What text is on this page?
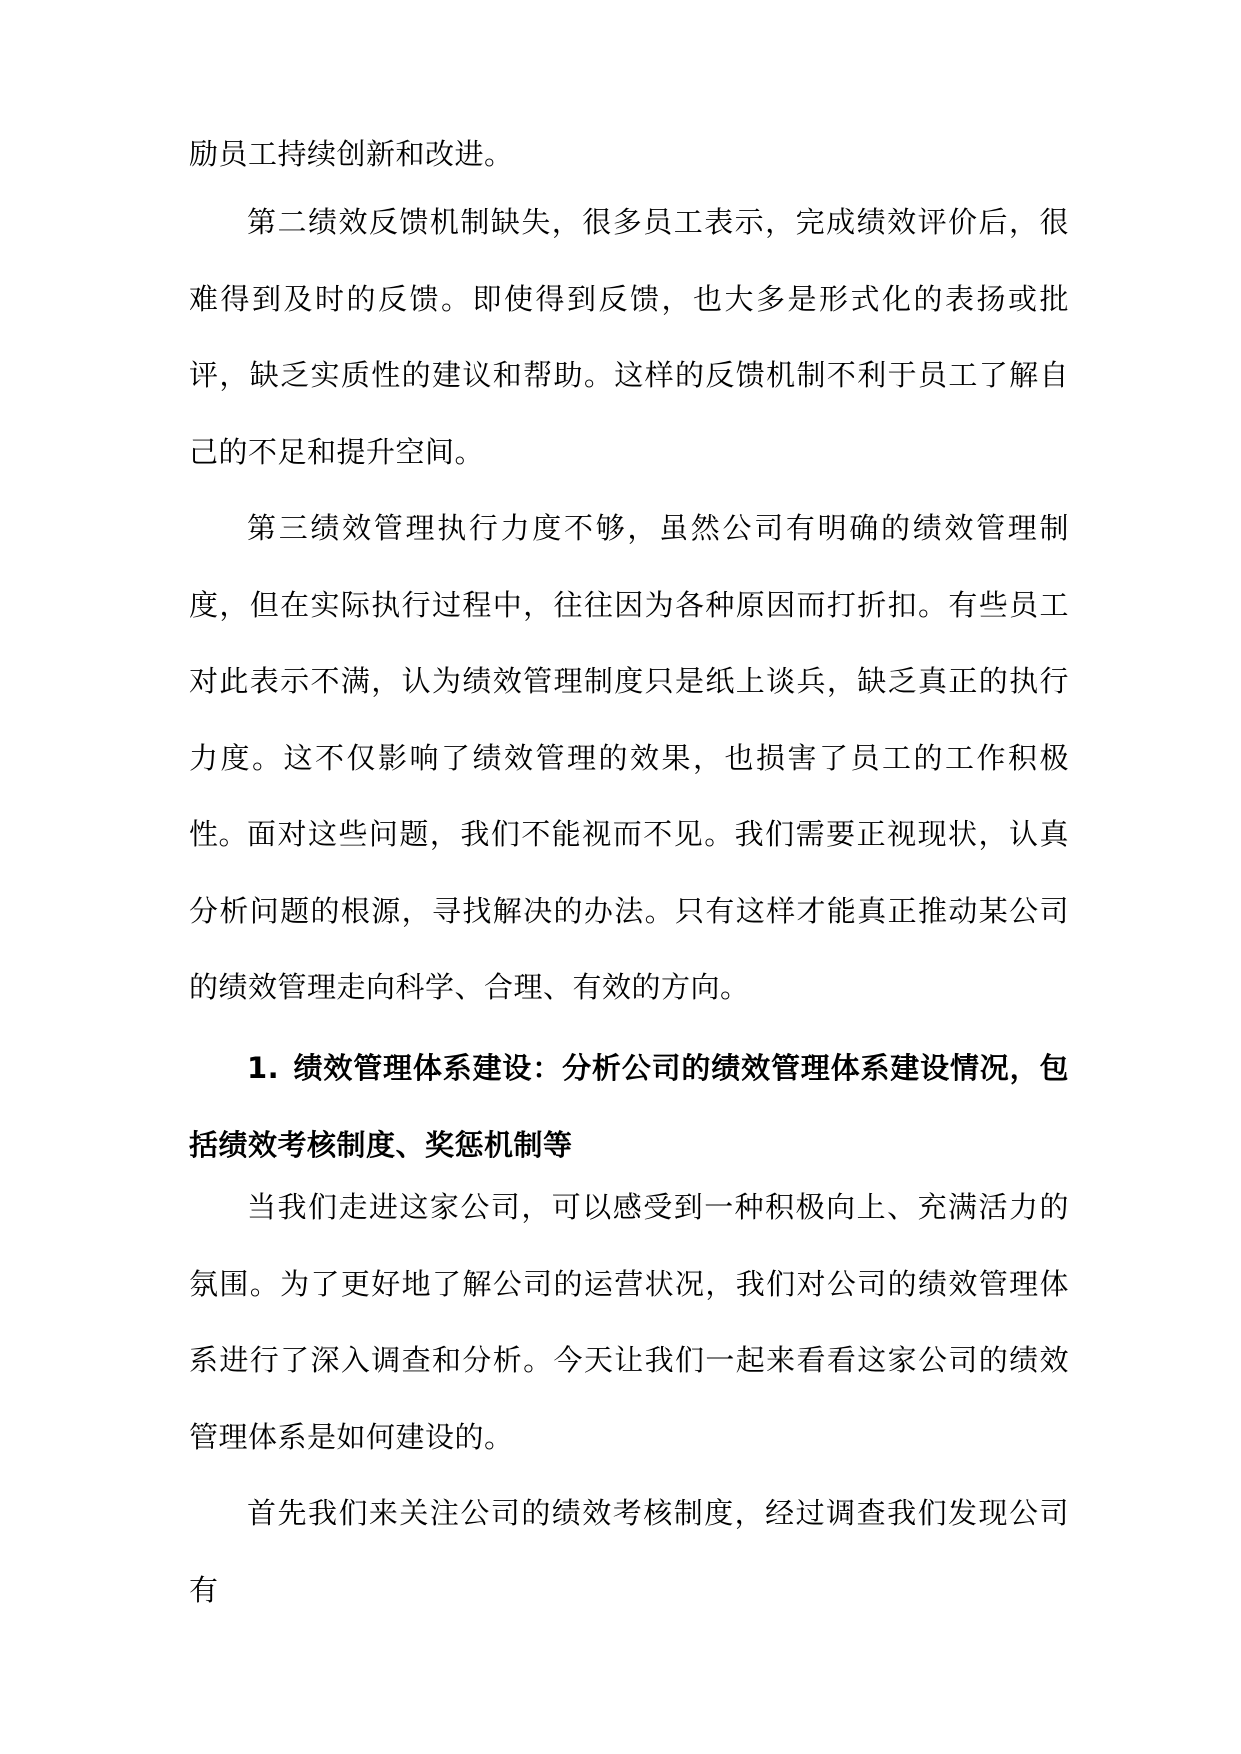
励员工持续创新和改进。

第二绩效反馈机制缺失，很多员工表示，完成绩效评价后，很难得到及时的反馈。即使得到反馈，也大多是形式化的表扬或批评，缺乏实质性的建议和帮助。这样的反馈机制不利于员工了解自己的不足和提升空间。

第三绩效管理执行力度不够，虽然公司有明确的绩效管理制度，但在实际执行过程中，往往因为各种原因而打折扣。有些员工对此表示不满，认为绩效管理制度只是纸上谈兵，缺乏真正的执行力度。这不仅影响了绩效管理的效果，也损害了员工的工作积极性。

面对这些问题，我们不能视而不见。我们需要正视现状，认真分析问题的根源，寻找解决的办法。只有这样才能真正推动某公司的绩效管理走向科学、合理、有效的方向。

1. 绩效管理体系建设：分析公司的绩效管理体系建设情况，包括绩效考核制度、奖惩机制等

当我们走进这家公司，可以感受到一种积极向上、充满活力的氛围。为了更好地了解公司的运营状况，我们对公司的绩效管理体系进行了深入调查和分析。今天让我们一起来看看这家公司的绩效管理体系是如何建设的。

首先我们来关注公司的绩效考核制度，经过调查我们发现公司有
